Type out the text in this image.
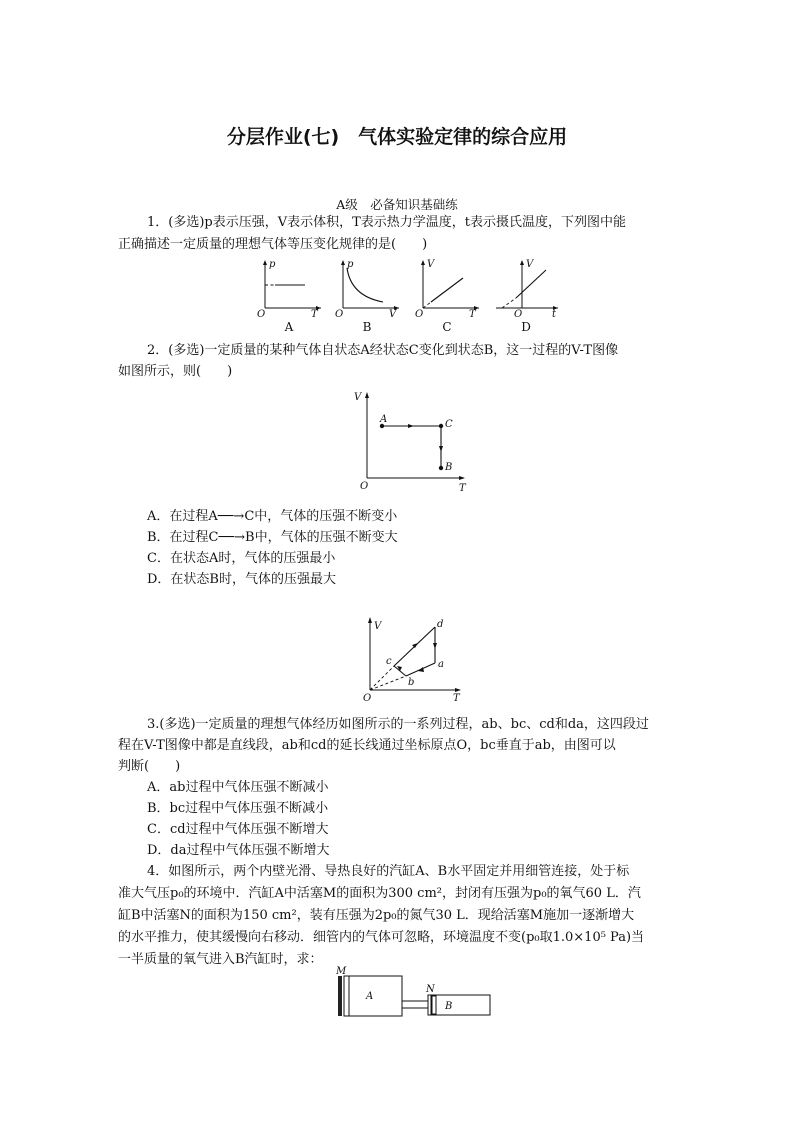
分层作业(七)　气体实验定律的综合应用
A级　必备知识基础练
1．(多选)p表示压强，V表示体积，T表示热力学温度，t表示摄氏温度，下列图中能
正确描述一定质量的理想气体等压变化规律的是(　　)
p
O	T
p
O	V
V
O	T
V
O	t
A	B	C	D
2．(多选)一定质量的某种气体自状态A经状态C变化到状态B，这一过程的V-T图像
如图所示，则(　　)
V
O	T
A	C
B
A．在过程A──→C中，气体的压强不断变小
B．在过程C──→B中，气体的压强不断变大
C．在状态A时，气体的压强最小
D．在状态B时，气体的压强最大
V
O	T
a
b
c
d
3.(多选)一定质量的理想气体经历如图所示的一系列过程，ab、bc、cd和da，这四段过
程在V-T图像中都是直线段，ab和cd的延长线通过坐标原点O，bc垂直于ab，由图可以
判断(　　)
A．ab过程中气体压强不断减小
B．bc过程中气体压强不断减小
C．cd过程中气体压强不断增大
D．da过程中气体压强不断增大
4．如图所示，两个内壁光滑、导热良好的汽缸A、B水平固定并用细管连接，处于标
准大气压p₀的环境中．汽缸A中活塞M的面积为300 cm²，封闭有压强为p₀的氧气60 L．汽
缸B中活塞N的面积为150 cm²，装有压强为2p₀的氮气30 L．现给活塞M施加一逐渐增大
的水平推力，使其缓慢向右移动．细管内的气体可忽略，环境温度不变(p₀取1.0×10⁵ Pa)当
一半质量的氧气进入B汽缸时，求：
M
A
N
B
